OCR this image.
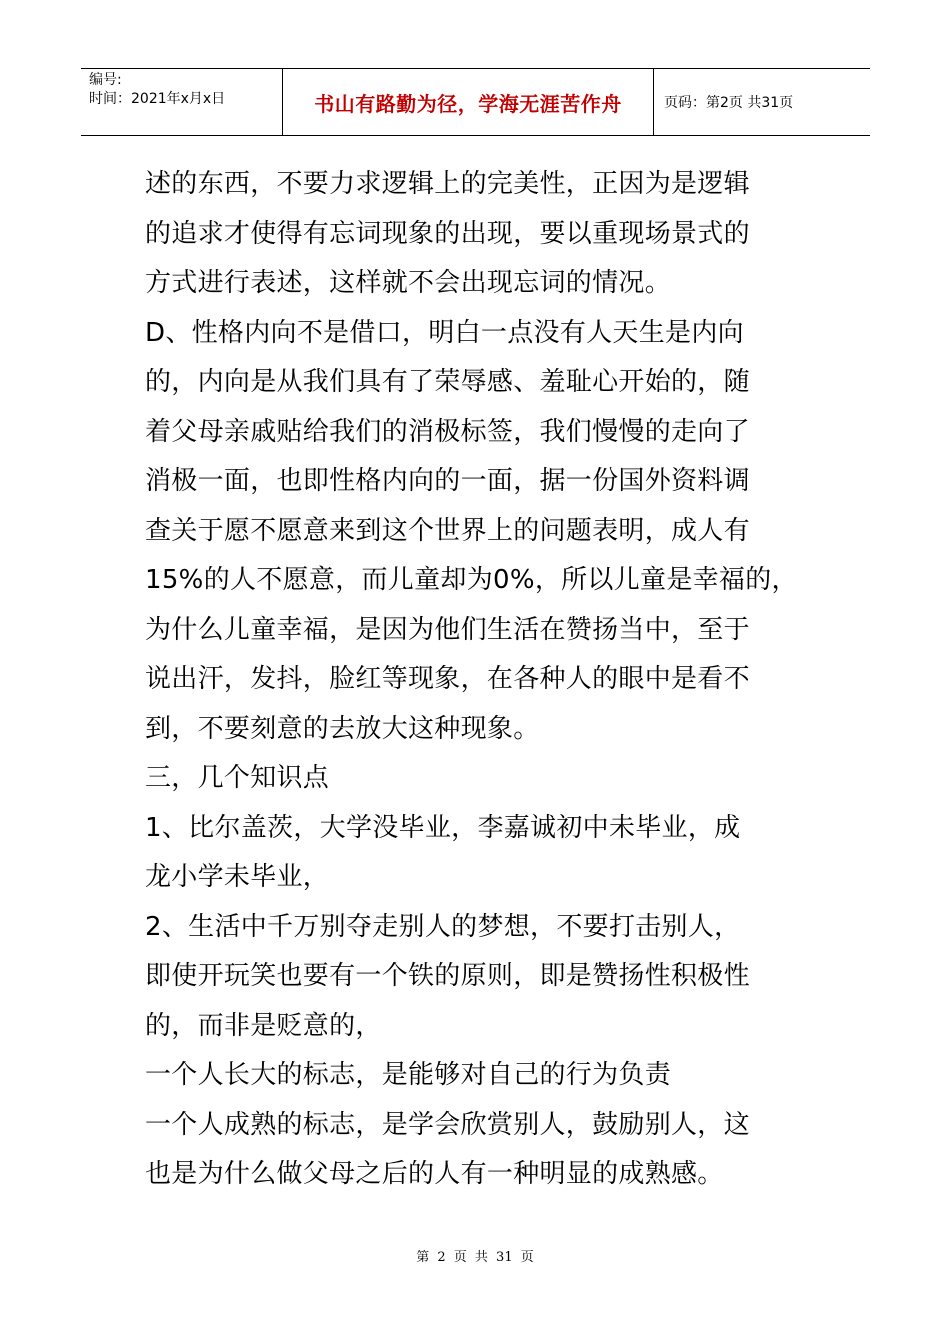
编号:
时间：2021年x月x日	书山有路勤为径，学海无涯苦作舟	页码：第2页 共31页

述的东西，不要力求逻辑上的完美性，正因为是逻辑

的追求才使得有忘词现象的出现，要以重现场景式的

方式进行表述，这样就不会出现忘词的情况。

D、性格内向不是借口，明白一点没有人天生是内向

的，内向是从我们具有了荣辱感、羞耻心开始的，随

着父母亲戚贴给我们的消极标签，我们慢慢的走向了

消极一面，也即性格内向的一面，据一份国外资料调

查关于愿不愿意来到这个世界上的问题表明，成人有

15%的人不愿意，而儿童却为0%，所以儿童是幸福的，

为什么儿童幸福，是因为他们生活在赞扬当中，至于

说出汗，发抖，脸红等现象，在各种人的眼中是看不

到，不要刻意的去放大这种现象。

三，几个知识点

1、比尔盖茨，大学没毕业，李嘉诚初中未毕业，成

龙小学未毕业，

2、生活中千万别夺走别人的梦想，不要打击别人，

即使开玩笑也要有一个铁的原则，即是赞扬性积极性

的，而非是贬意的，

一个人长大的标志，是能够对自己的行为负责

一个人成熟的标志，是学会欣赏别人，鼓励别人，这

也是为什么做父母之后的人有一种明显的成熟感。

第 2 页 共 31 页
